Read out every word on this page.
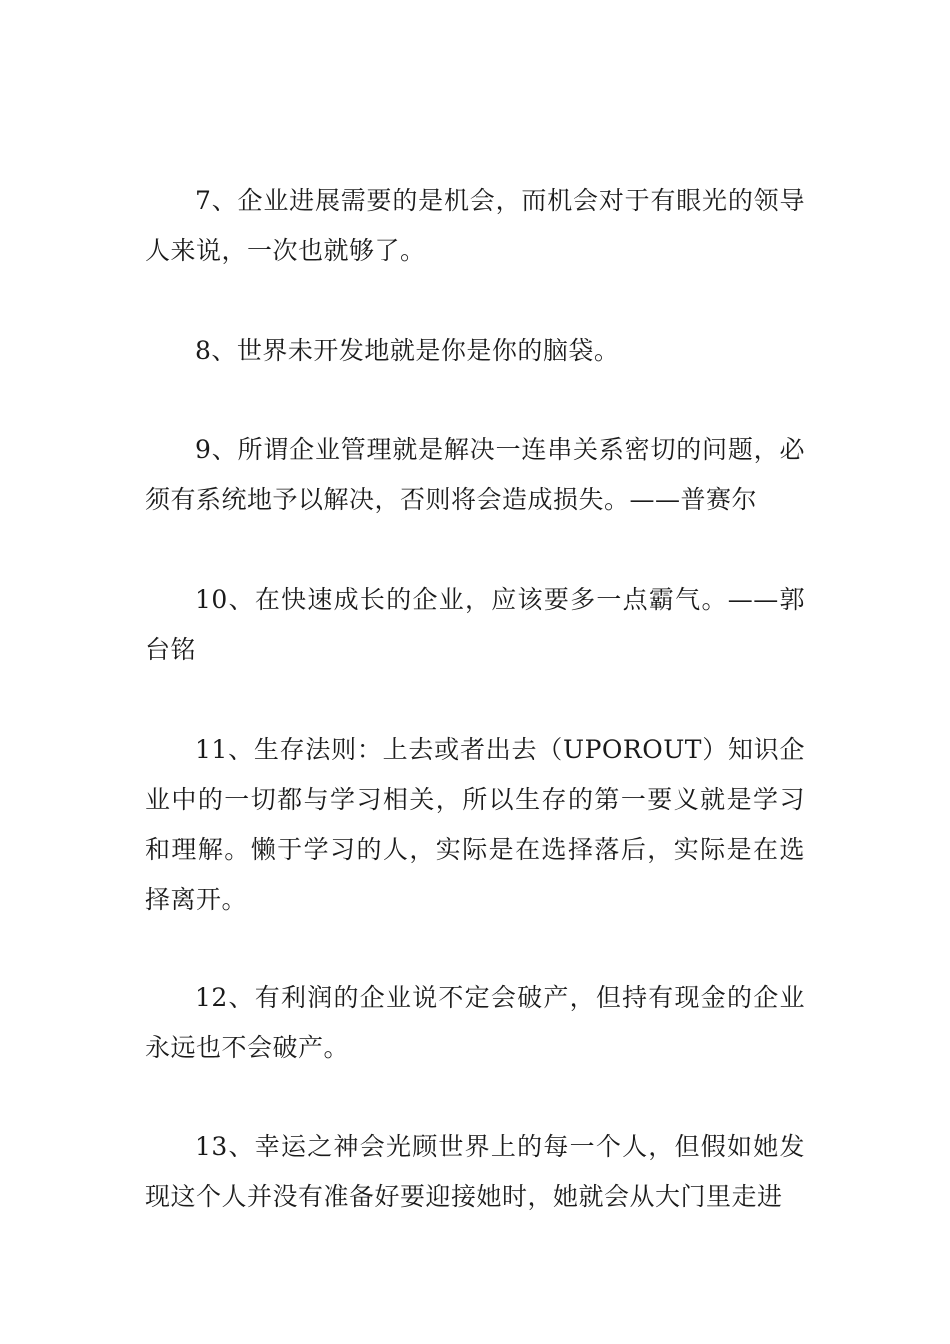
7、企业进展需要的是机会，而机会对于有眼光的领导人来说，一次也就够了。

8、世界未开发地就是你是你的脑袋。

9、所谓企业管理就是解决一连串关系密切的问题，必须有系统地予以解决，否则将会造成损失。——普赛尔

10、在快速成长的企业，应该要多一点霸气。——郭台铭

11、生存法则：上去或者出去（UPOROUT）知识企业中的一切都与学习相关，所以生存的第一要义就是学习和理解。懒于学习的人，实际是在选择落后，实际是在选择离开。

12、有利润的企业说不定会破产，但持有现金的企业永远也不会破产。

13、幸运之神会光顾世界上的每一个人，但假如她发现这个人并没有准备好要迎接她时，她就会从大门里走进
